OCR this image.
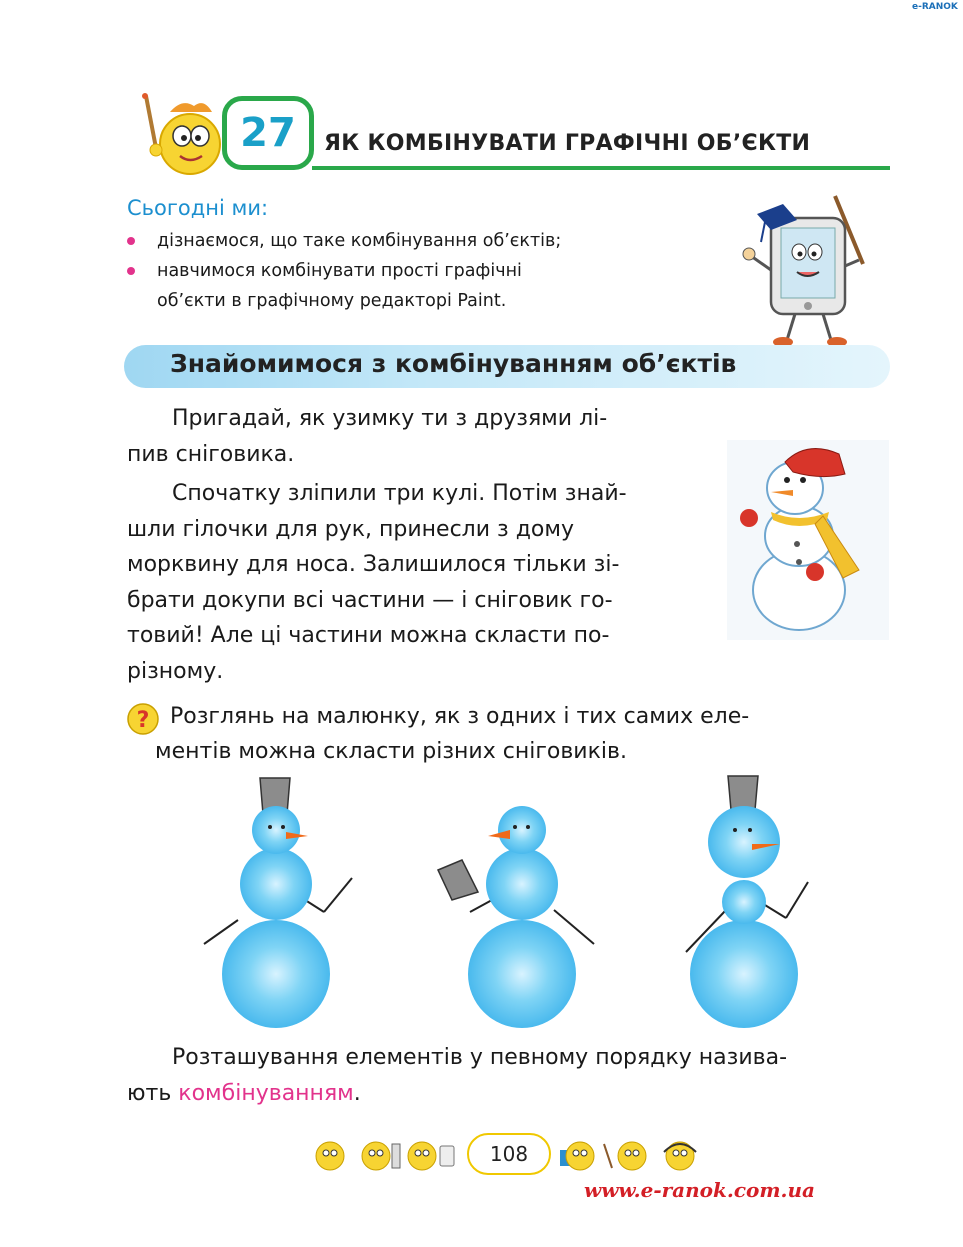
e-RANOK
27 ЯК КОМБІНУВАТИ ГРАФІЧНІ ОБ’ЄКТИ
Сьогодні ми:
дізнаємося, що таке комбінування об’єктів;
навчимося комбінувати прості графічні
об’єкти в графічному редакторі Paint.
Знайомимося з комбінуванням об’єктів
Пригадай, як узимку ти з друзями лі-
пив сніговика.
Спочатку зліпили три кулі. Потім знай-
шли гілочки для рук, принесли з дому
морквину для носа. Залишилося тільки зі-
брати докупи всі частини — і сніговик го-
товий! Але ці частини можна скласти по-
різному.
? Розглянь на малюнку, як з одних і тих самих еле-
ментів можна скласти різних сніговиків.
Розташування елементів у певному порядку назива-
ють комбінуванням.
108
www.e-ranok.com.ua
